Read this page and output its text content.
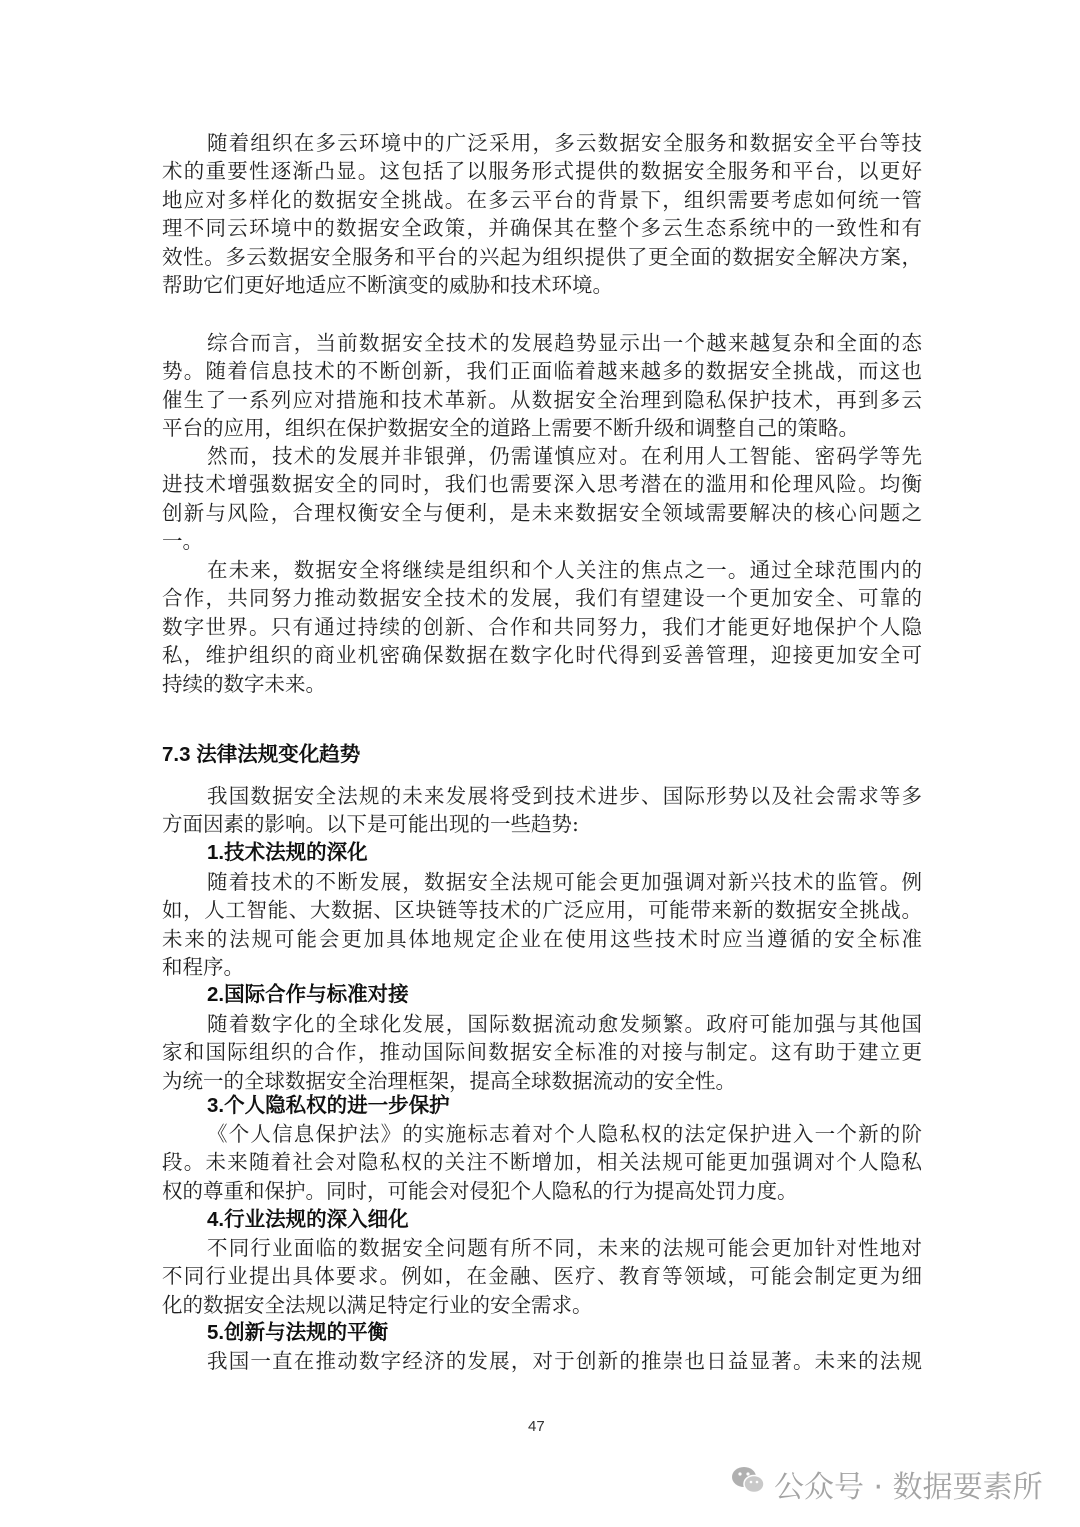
随着组织在多云环境中的广泛采用，多云数据安全服务和数据安全平台等技
术的重要性逐渐凸显。这包括了以服务形式提供的数据安全服务和平台，以更好
地应对多样化的数据安全挑战。在多云平台的背景下，组织需要考虑如何统一管
理不同云环境中的数据安全政策，并确保其在整个多云生态系统中的一致性和有
效性。多云数据安全服务和平台的兴起为组织提供了更全面的数据安全解决方案，
帮助它们更好地适应不断演变的威胁和技术环境。
综合而言，当前数据安全技术的发展趋势显示出一个越来越复杂和全面的态
势。随着信息技术的不断创新，我们正面临着越来越多的数据安全挑战，而这也
催生了一系列应对措施和技术革新。从数据安全治理到隐私保护技术，再到多云
平台的应用，组织在保护数据安全的道路上需要不断升级和调整自己的策略。
然而，技术的发展并非银弹，仍需谨慎应对。在利用人工智能、密码学等先
进技术增强数据安全的同时，我们也需要深入思考潜在的滥用和伦理风险。均衡
创新与风险，合理权衡安全与便利，是未来数据安全领域需要解决的核心问题之
一。
在未来，数据安全将继续是组织和个人关注的焦点之一。通过全球范围内的
合作，共同努力推动数据安全技术的发展，我们有望建设一个更加安全、可靠的
数字世界。只有通过持续的创新、合作和共同努力，我们才能更好地保护个人隐
私，维护组织的商业机密确保数据在数字化时代得到妥善管理，迎接更加安全可
持续的数字未来。
7.3 法律法规变化趋势
我国数据安全法规的未来发展将受到技术进步、国际形势以及社会需求等多
方面因素的影响。以下是可能出现的一些趋势:
1.技术法规的深化
随着技术的不断发展，数据安全法规可能会更加强调对新兴技术的监管。例
如，人工智能、大数据、区块链等技术的广泛应用，可能带来新的数据安全挑战。
未来的法规可能会更加具体地规定企业在使用这些技术时应当遵循的安全标准
和程序。
2.国际合作与标准对接
随着数字化的全球化发展，国际数据流动愈发频繁。政府可能加强与其他国
家和国际组织的合作，推动国际间数据安全标准的对接与制定。这有助于建立更
为统一的全球数据安全治理框架，提高全球数据流动的安全性。
3.个人隐私权的进一步保护
《个人信息保护法》的实施标志着对个人隐私权的法定保护进入一个新的阶
段。未来随着社会对隐私权的关注不断增加，相关法规可能更加强调对个人隐私
权的尊重和保护。同时，可能会对侵犯个人隐私的行为提高处罚力度。
4.行业法规的深入细化
不同行业面临的数据安全问题有所不同，未来的法规可能会更加针对性地对
不同行业提出具体要求。例如，在金融、医疗、教育等领域，可能会制定更为细
化的数据安全法规以满足特定行业的安全需求。
5.创新与法规的平衡
我国一直在推动数字经济的发展，对于创新的推崇也日益显著。未来的法规
47
公众号 · 数据要素所
